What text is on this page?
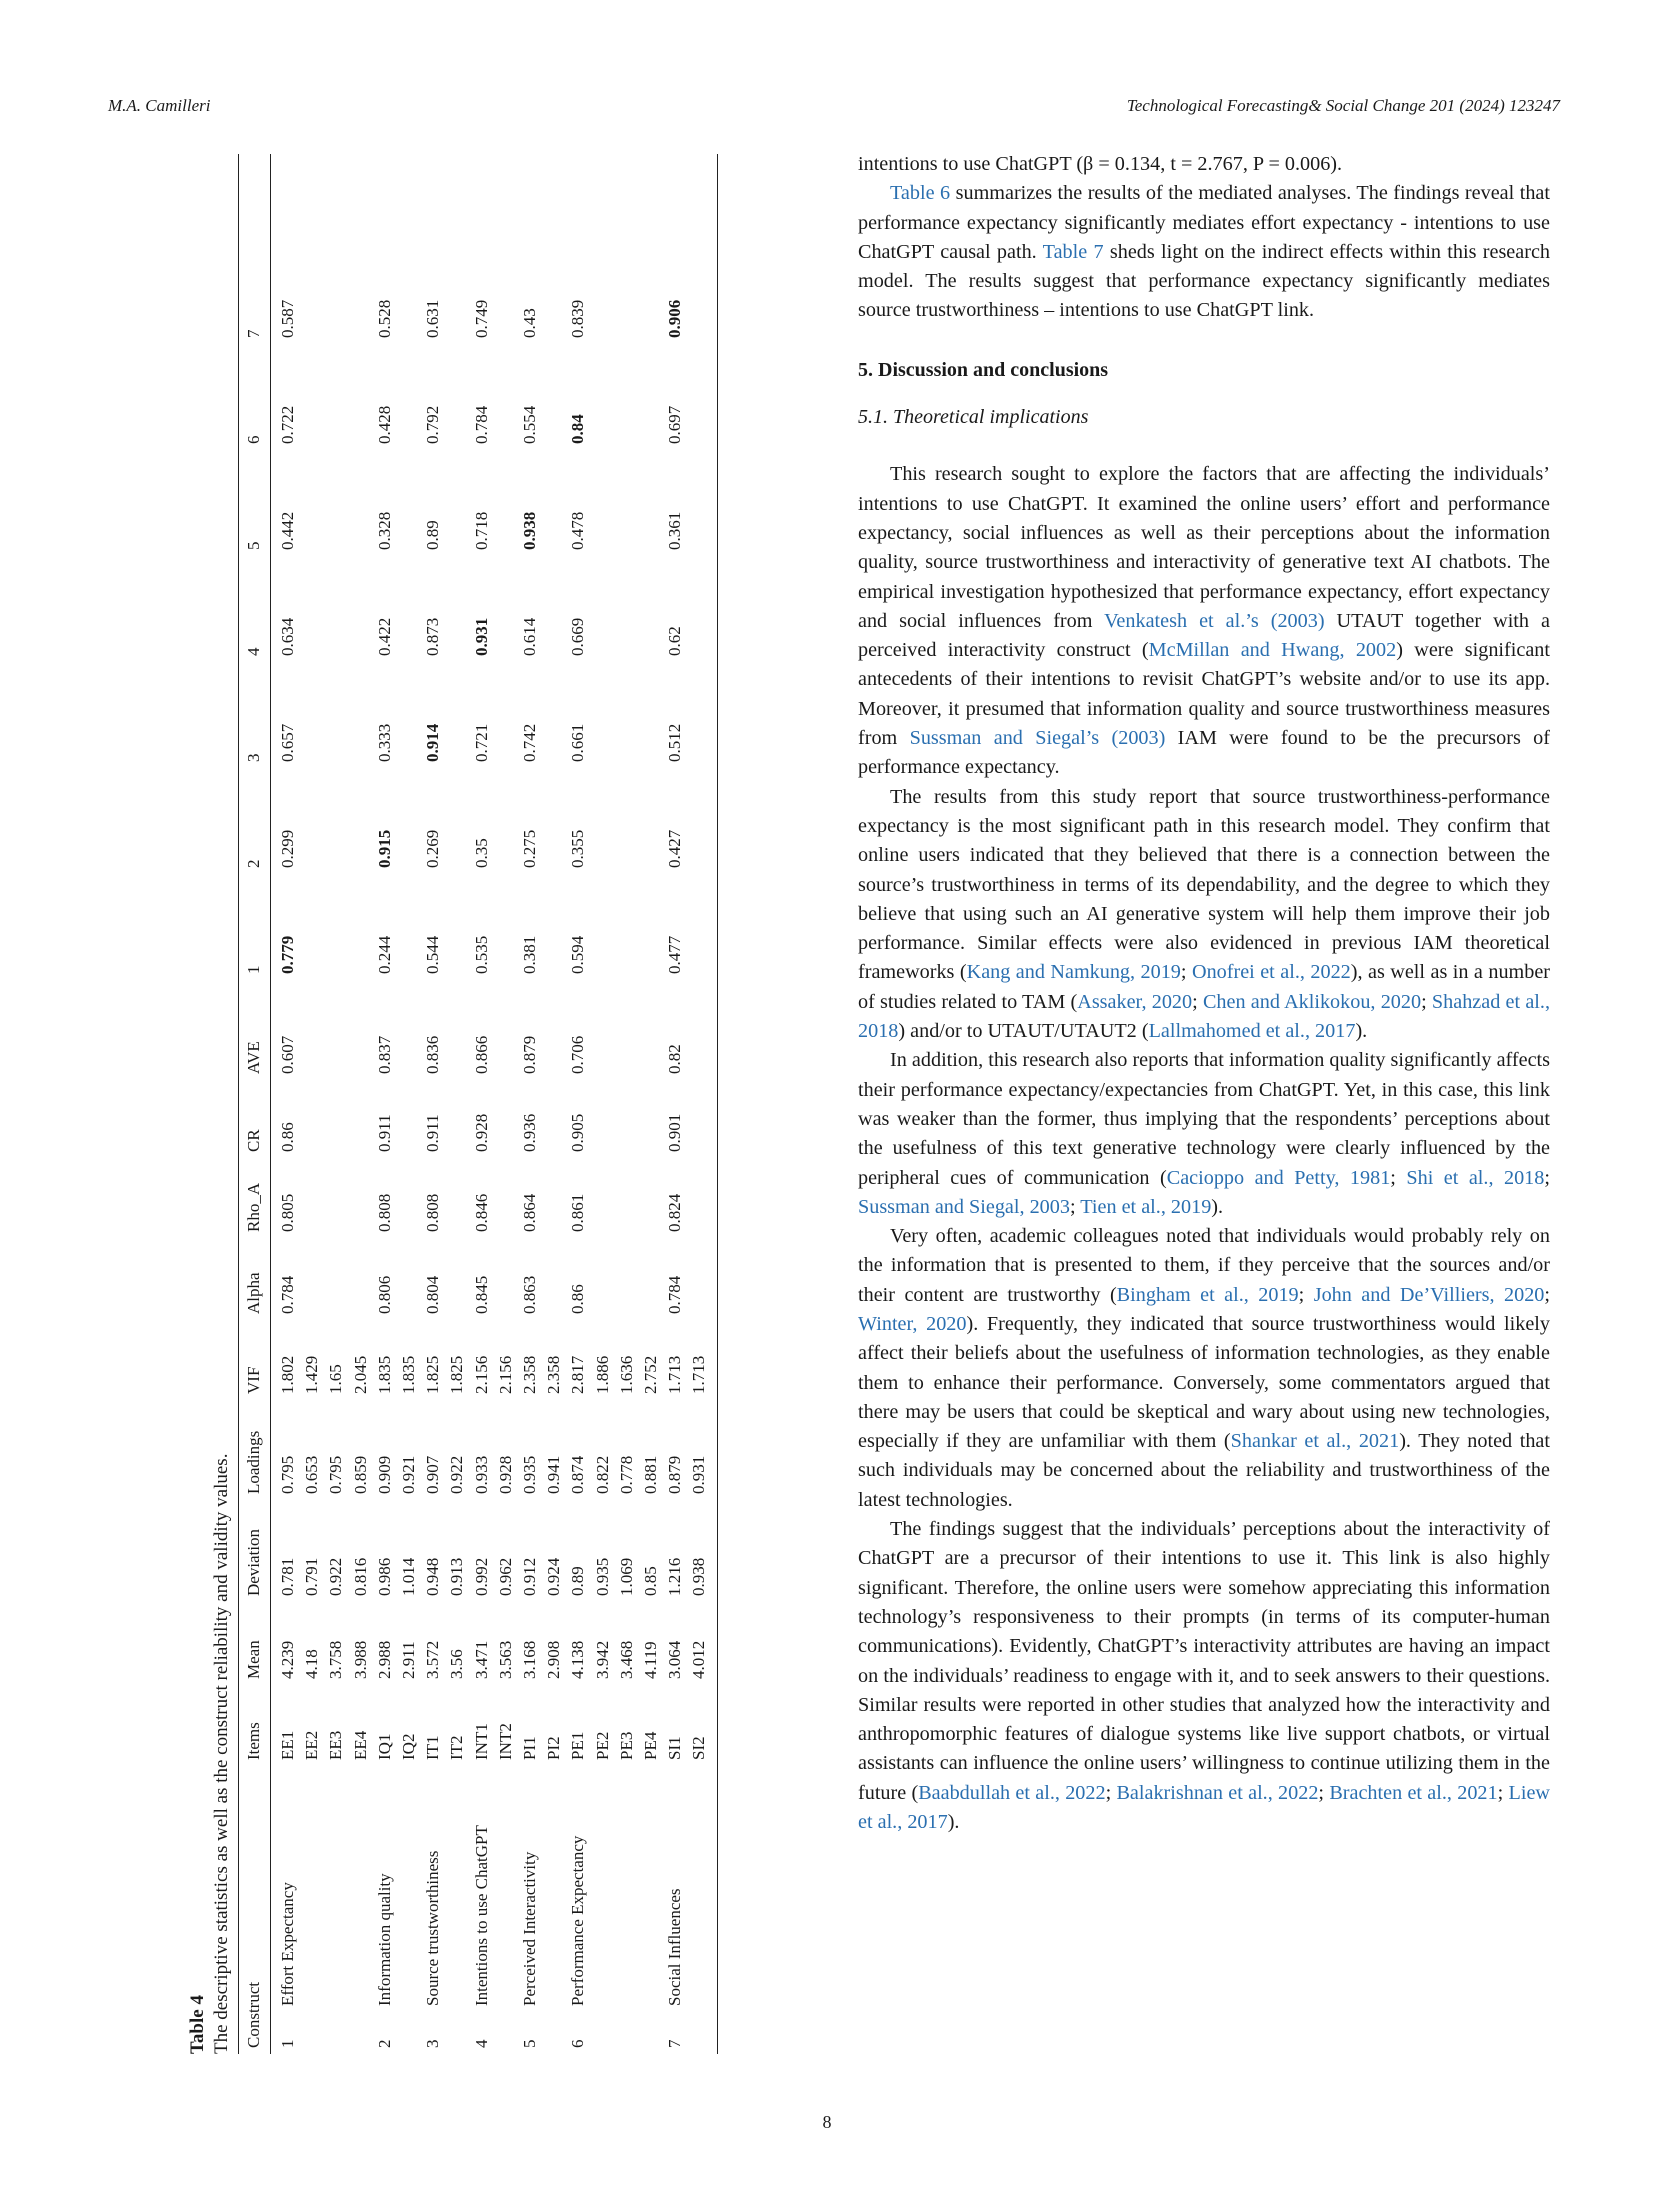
M.A. Camilleri	Technological Forecasting& Social Change 201 (2024) 123247
Table 4 The descriptive statistics as well as the construct reliability and validity values. Construct
Items
Mean
Deviation
Loadings
VIF
Alpha
Rho_A
CR
AVE
1
2
3
4
5
6
7
EE1
4.239
0.781
0.795
1.802
EE2
4.18
0.791
0.653
1.429
EE3
3.758
0.922
0.795
1.65
EE4
3.988
0.816
0.859
2.045
IQ1
2.988
0.986
0.909
1.835
IQ2
2.911
1.014
0.921
1.835
IT1
3.572
0.948
0.907
1.825
IT2
3.56
0.913
0.922
1.825
INT1
3.471
0.992
0.933
2.156
INT2
3.563
0.962
0.928
2.156
PI1
3.168
0.912
0.935
2.358
PI2
2.908
0.924
0.941
2.358
PE1
4.138
0.89
0.874
2.817
PE2
3.942
0.935
0.822
1.886
PE3
3.468
1.069
0.778
1.636
PE4
4.119
0.85
0.881
2.752
SI1
3.064
1.216
0.879
1.713
SI2
4.012
0.938
0.931
1.713
1
Effort Expectancy
0.784
0.805
0.86
0.607
0.779
0.299
0.657
0.634
0.442
0.722
0.587
2
Information quality
0.806
0.808
0.911
0.837
0.244
0.915
0.333
0.422
0.328
0.428
0.528
3
Source trustworthiness
0.804
0.808
0.911
0.836
0.544
0.269
0.914
0.873
0.89
0.792
0.631
4
Intentions to use ChatGPT
0.845
0.846
0.928
0.866
0.535
0.35
0.721
0.931
0.718
0.784
0.749
5
Perceived Interactivity
0.863
0.864
0.936
0.879
0.381
0.275
0.742
0.614
0.938
0.554
0.43
6
Performance Expectancy
0.86
0.861
0.905
0.706
0.594
0.355
0.661
0.669
0.478
0.84
0.839
7
Social Influences
0.784
0.824
0.901
0.82
0.477
0.427
0.512
0.62
0.361
0.697
0.906

intentions to use ChatGPT (β = 0.134, t = 2.767, P = 0.006).

Table 6 summarizes the results of the mediated analyses. The findings reveal that performance expectancy significantly mediates effort expectancy - intentions to use ChatGPT causal path. Table 7 sheds light on the indirect effects within this research model. The results suggest that performance expectancy significantly mediates source trustworthiness – intentions to use ChatGPT link.

5. Discussion and conclusions
5.1. Theoretical implications

This research sought to explore the factors that are affecting the individuals’ intentions to use ChatGPT. It examined the online users’ effort and performance expectancy, social influences as well as their perceptions about the information quality, source trustworthiness and interactivity of generative text AI chatbots. The empirical investigation hypothesized that performance expectancy, effort expectancy and social influences from Venkatesh et al.’s (2003) UTAUT together with a perceived interactivity construct (McMillan and Hwang, 2002) were significant antecedents of their intentions to revisit ChatGPT’s website and/or to use its app. Moreover, it presumed that information quality and source trustworthiness measures from Sussman and Siegal’s (2003) IAM were found to be the precursors of performance expectancy.

The results from this study report that source trustworthiness-performance expectancy is the most significant path in this research model. They confirm that online users indicated that they believed that there is a connection between the source’s trustworthiness in terms of its dependability, and the degree to which they believe that using such an AI generative system will help them improve their job performance. Similar effects were also evidenced in previous IAM theoretical frameworks (Kang and Namkung, 2019; Onofrei et al., 2022), as well as in a number of studies related to TAM (Assaker, 2020; Chen and Aklikokou, 2020; Shahzad et al., 2018) and/or to UTAUT/UTAUT2 (Lallmahomed et al., 2017).

In addition, this research also reports that information quality significantly affects their performance expectancy/expectancies from ChatGPT. Yet, in this case, this link was weaker than the former, thus implying that the respondents’ perceptions about the usefulness of this text generative technology were clearly influenced by the peripheral cues of communication (Cacioppo and Petty, 1981; Shi et al., 2018; Sussman and Siegal, 2003; Tien et al., 2019).

Very often, academic colleagues noted that individuals would probably rely on the information that is presented to them, if they perceive that the sources and/or their content are trustworthy (Bingham et al., 2019; John and De’Villiers, 2020; Winter, 2020). Frequently, they indicated that source trustworthiness would likely affect their beliefs about the usefulness of information technologies, as they enable them to enhance their performance. Conversely, some commentators argued that there may be users that could be skeptical and wary about using new technologies, especially if they are unfamiliar with them (Shankar et al., 2021). They noted that such individuals may be concerned about the reliability and trustworthiness of the latest technologies.

The findings suggest that the individuals’ perceptions about the interactivity of ChatGPT are a precursor of their intentions to use it. This link is also highly significant. Therefore, the online users were somehow appreciating this information technology’s responsiveness to their prompts (in terms of its computer-human communications). Evidently, ChatGPT’s interactivity attributes are having an impact on the individuals’ readiness to engage with it, and to seek answers to their questions. Similar results were reported in other studies that analyzed how the interactivity and anthropomorphic features of dialogue systems like live support chatbots, or virtual assistants can influence the online users’ willingness to continue utilizing them in the future (Baabdullah et al., 2022; Balakrishnan et al., 2022; Brachten et al., 2021; Liew et al., 2017).

8
